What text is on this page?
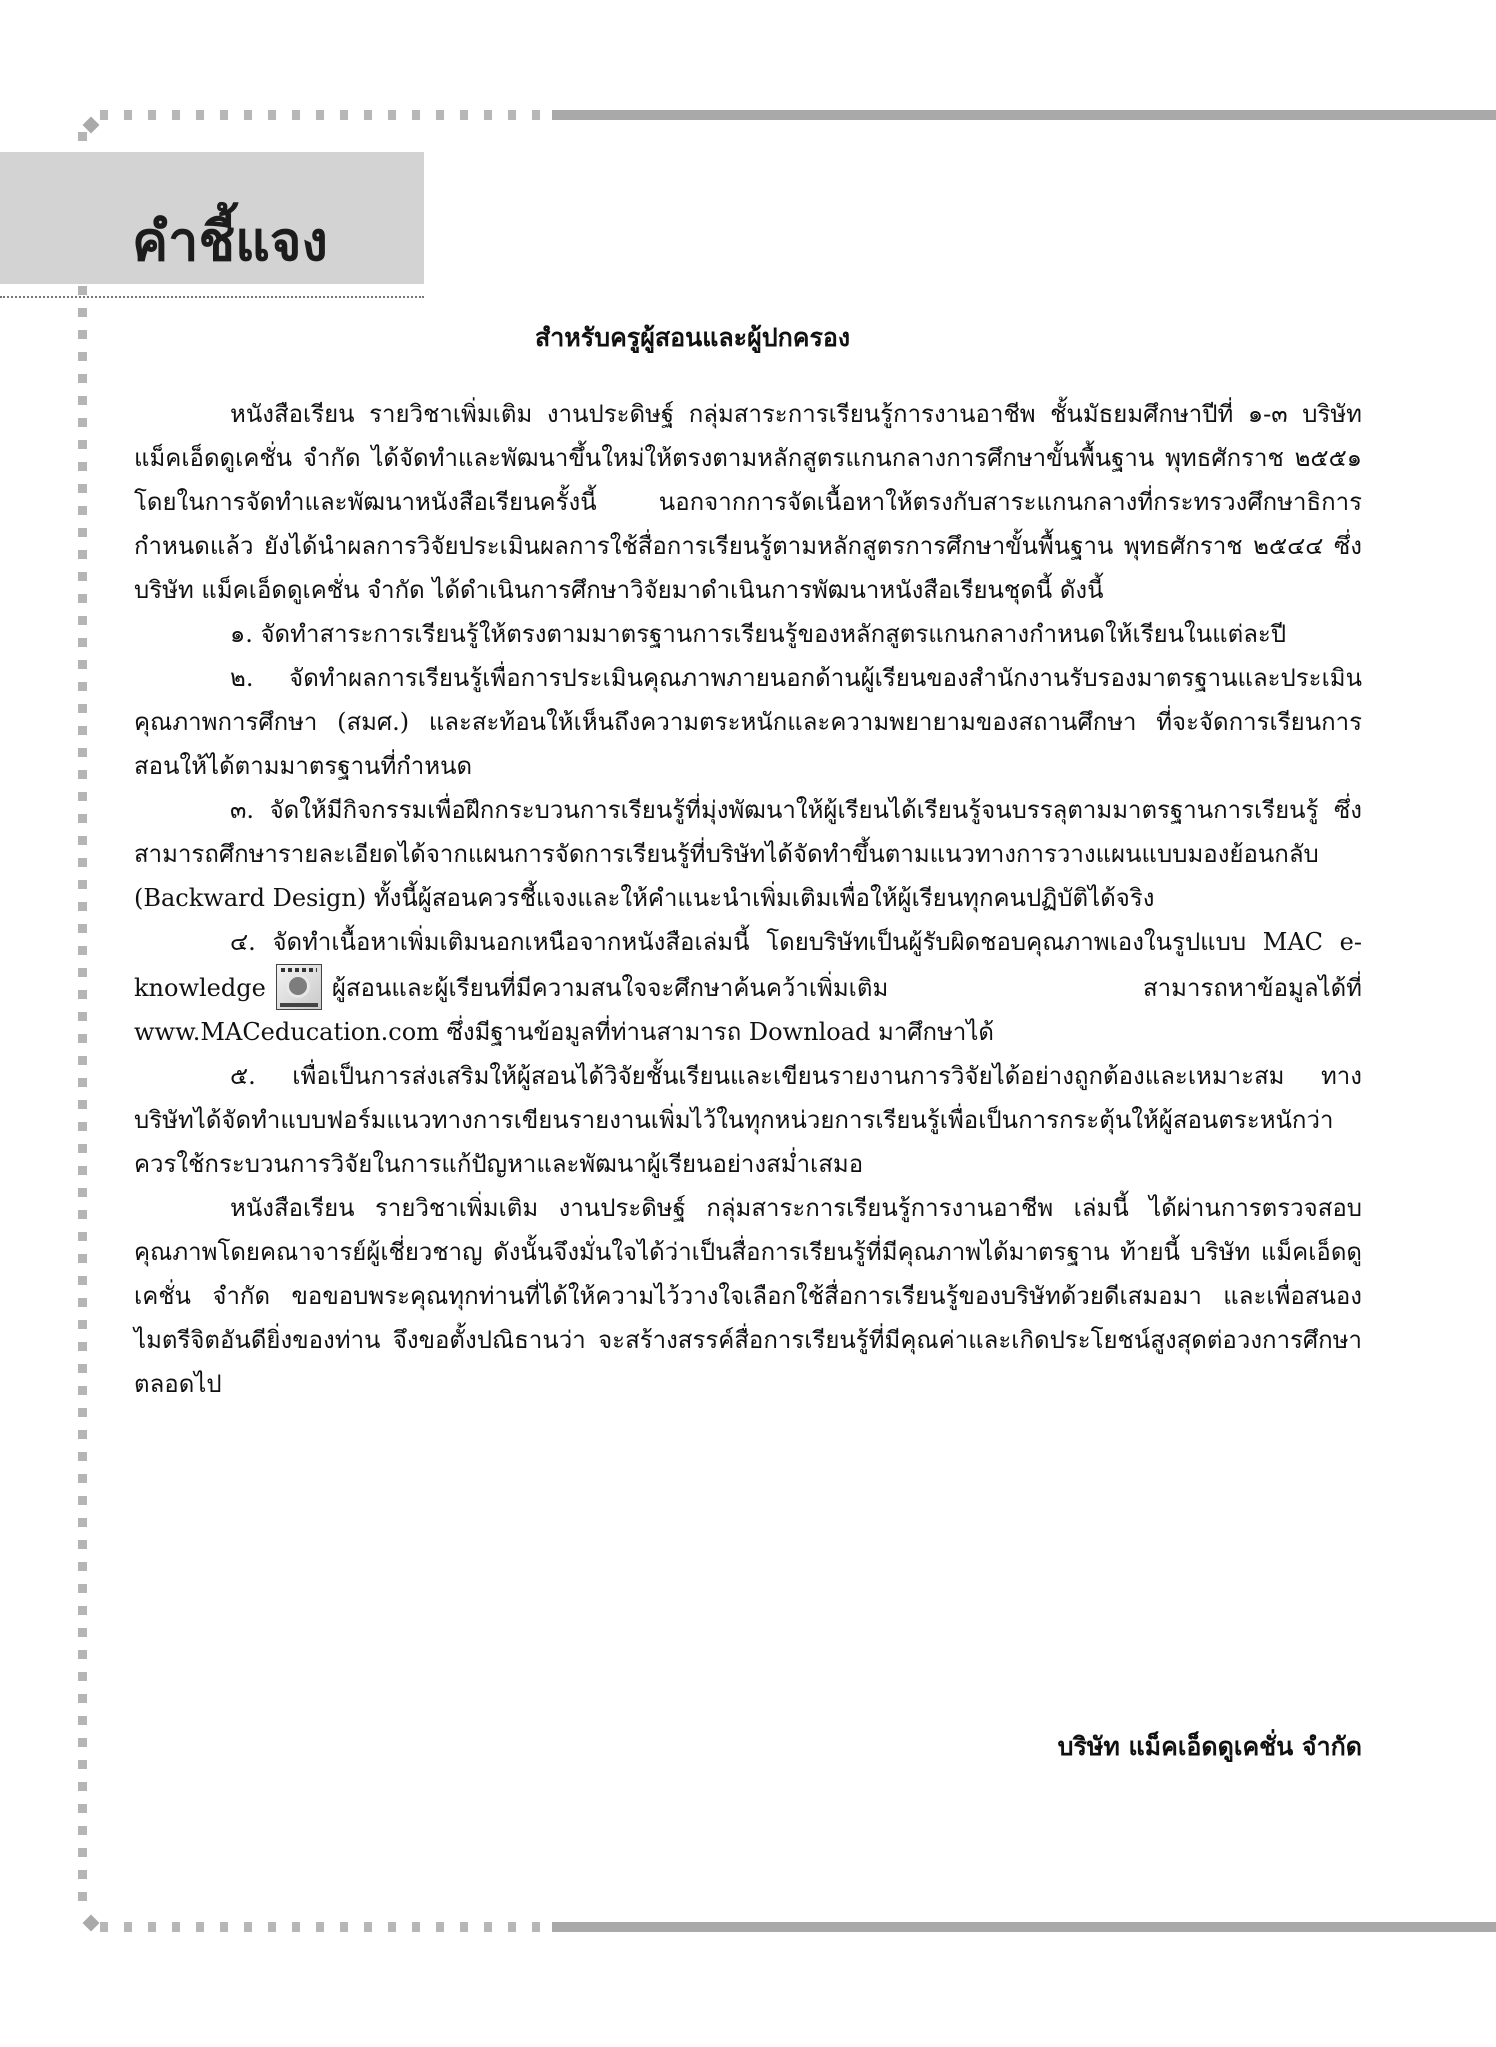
คำชี้แจง
สำหรับครูผู้สอนและผู้ปกครอง

หนังสือเรียน รายวิชาเพิ่มเติม งานประดิษฐ์ กลุ่มสาระการเรียนรู้การงานอาชีพ ชั้นมัธยมศึกษาปีที่ ๑-๓ บริษัท แม็คเอ็ดดูเคชั่น จำกัด ได้จัดทำและพัฒนาขึ้นใหม่ให้ตรงตามหลักสูตรแกนกลางการศึกษาขั้นพื้นฐาน พุทธศักราช ๒๕๕๑ โดยในการจัดทำและพัฒนาหนังสือเรียนครั้งนี้ นอกจากการจัดเนื้อหาให้ตรงกับสาระแกนกลางที่กระทรวงศึกษาธิการกำหนดแล้ว ยังได้นำผลการวิจัยประเมินผลการใช้สื่อการเรียนรู้ตามหลักสูตรการศึกษาขั้นพื้นฐาน พุทธศักราช ๒๕๔๔ ซึ่งบริษัท แม็คเอ็ดดูเคชั่น จำกัด ได้ดำเนินการศึกษาวิจัยมาดำเนินการพัฒนาหนังสือเรียนชุดนี้ ดังนี้

๑. จัดทำสาระการเรียนรู้ให้ตรงตามมาตรฐานการเรียนรู้ของหลักสูตรแกนกลางกำหนดให้เรียนในแต่ละปี

๒. จัดทำผลการเรียนรู้เพื่อการประเมินคุณภาพภายนอกด้านผู้เรียนของสำนักงานรับรองมาตรฐานและประเมินคุณภาพการศึกษา (สมศ.) และสะท้อนให้เห็นถึงความตระหนักและความพยายามของสถานศึกษา ที่จะจัดการเรียนการสอนให้ได้ตามมาตรฐานที่กำหนด

๓. จัดให้มีกิจกรรมเพื่อฝึกกระบวนการเรียนรู้ที่มุ่งพัฒนาให้ผู้เรียนได้เรียนรู้จนบรรลุตามมาตรฐานการเรียนรู้ ซึ่งสามารถศึกษารายละเอียดได้จากแผนการจัดการเรียนรู้ที่บริษัทได้จัดทำขึ้นตามแนวทางการวางแผนแบบมองย้อนกลับ (Backward Design) ทั้งนี้ผู้สอนควรชี้แจงและให้คำแนะนำเพิ่มเติมเพื่อให้ผู้เรียนทุกคนปฏิบัติได้จริง

๔. จัดทำเนื้อหาเพิ่มเติมนอกเหนือจากหนังสือเล่มนี้ โดยบริษัทเป็นผู้รับผิดชอบคุณภาพเองในรูปแบบ MAC e-knowledge	ผู้สอนและผู้เรียนที่มีความสนใจจะศึกษาค้นคว้าเพิ่มเติม สามารถหาข้อมูลได้ที่ www.MACeducation.com ซึ่งมีฐานข้อมูลที่ท่านสามารถ Download มาศึกษาได้

๕. เพื่อเป็นการส่งเสริมให้ผู้สอนได้วิจัยชั้นเรียนและเขียนรายงานการวิจัยได้อย่างถูกต้องและเหมาะสม ทางบริษัทได้จัดทำแบบฟอร์มแนวทางการเขียนรายงานเพิ่มไว้ในทุกหน่วยการเรียนรู้เพื่อเป็นการกระตุ้นให้ผู้สอนตระหนักว่า ควรใช้กระบวนการวิจัยในการแก้ปัญหาและพัฒนาผู้เรียนอย่างสม่ำเสมอ

หนังสือเรียน รายวิชาเพิ่มเติม งานประดิษฐ์ กลุ่มสาระการเรียนรู้การงานอาชีพ เล่มนี้ ได้ผ่านการตรวจสอบคุณภาพโดยคณาจารย์ผู้เชี่ยวชาญ ดังนั้นจึงมั่นใจได้ว่าเป็นสื่อการเรียนรู้ที่มีคุณภาพได้มาตรฐาน ท้ายนี้ บริษัท แม็คเอ็ดดูเคชั่น จำกัด ขอขอบพระคุณทุกท่านที่ได้ให้ความไว้วางใจเลือกใช้สื่อการเรียนรู้ของบริษัทด้วยดีเสมอมา และเพื่อสนองไมตรีจิตอันดียิ่งของท่าน จึงขอตั้งปณิธานว่า จะสร้างสรรค์สื่อการเรียนรู้ที่มีคุณค่าและเกิดประโยชน์สูงสุดต่อวงการศึกษาตลอดไป

บริษัท แม็คเอ็ดดูเคชั่น จำกัด
